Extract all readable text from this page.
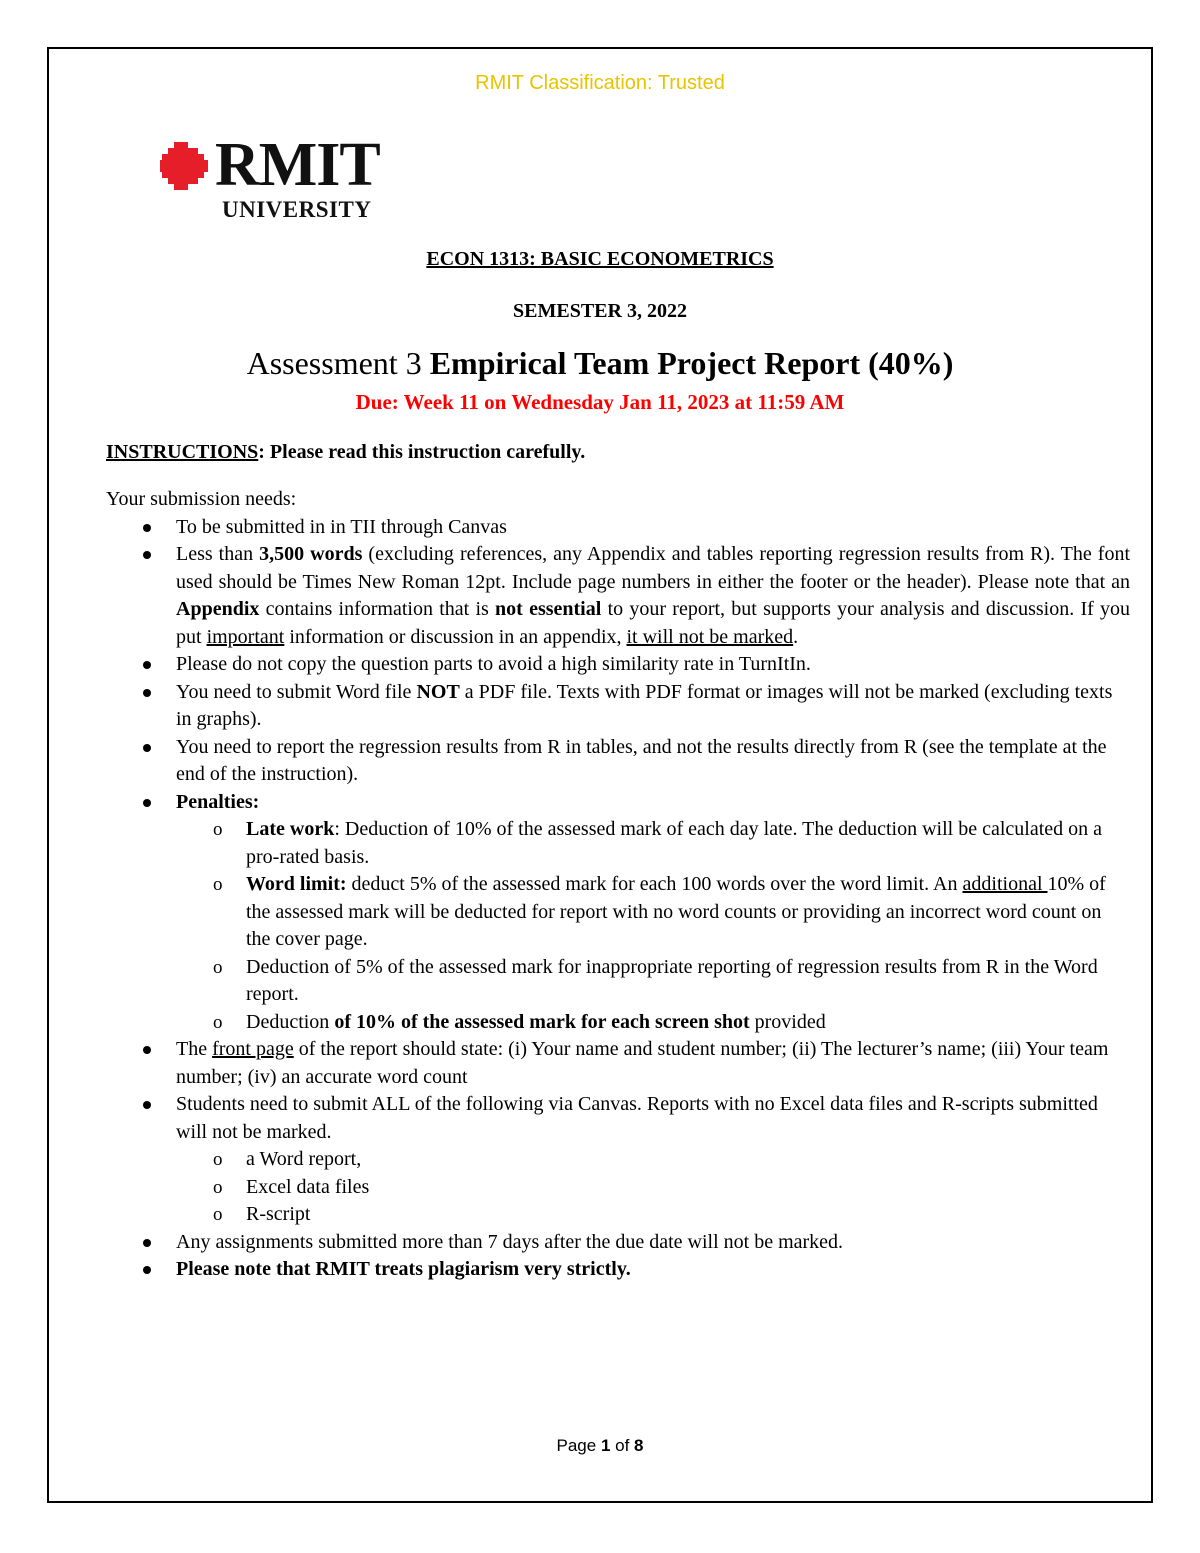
RMIT Classification: Trusted
RMIT
UNIVERSITY
ECON 1313: BASIC ECONOMETRICS
SEMESTER 3, 2022
Assessment 3 Empirical Team Project Report (40%)
Due: Week 11 on Wednesday Jan 11, 2023 at 11:59 AM
INSTRUCTIONS: Please read this instruction carefully.
Your submission needs:
To be submitted in in TII through Canvas
Less than 3,500 words (excluding references, any Appendix and tables reporting regression results from R). The font used should be Times New Roman 12pt. Include page numbers in either the footer or the header). Please note that an Appendix contains information that is not essential to your report, but supports your analysis and discussion. If you put important information or discussion in an appendix, it will not be marked.
Please do not copy the question parts to avoid a high similarity rate in TurnItIn.
You need to submit Word file NOT a PDF file. Texts with PDF format or images will not be marked (excluding texts in graphs).
You need to report the regression results from R in tables, and not the results directly from R (see the template at the end of the instruction).
Penalties:
o Late work: Deduction of 10% of the assessed mark of each day late. The deduction will be calculated on a pro-rated basis.
o Word limit: deduct 5% of the assessed mark for each 100 words over the word limit. An additional 10% of the assessed mark will be deducted for report with no word counts or providing an incorrect word count on the cover page.
o Deduction of 5% of the assessed mark for inappropriate reporting of regression results from R in the Word report.
o Deduction of 10% of the assessed mark for each screen shot provided
The front page of the report should state: (i) Your name and student number; (ii) The lecturer’s name; (iii) Your team number; (iv) an accurate word count
Students need to submit ALL of the following via Canvas. Reports with no Excel data files and R-scripts submitted will not be marked.
o a Word report,
o Excel data files
o R-script
Any assignments submitted more than 7 days after the due date will not be marked.
Please note that RMIT treats plagiarism very strictly.
Page 1 of 8
